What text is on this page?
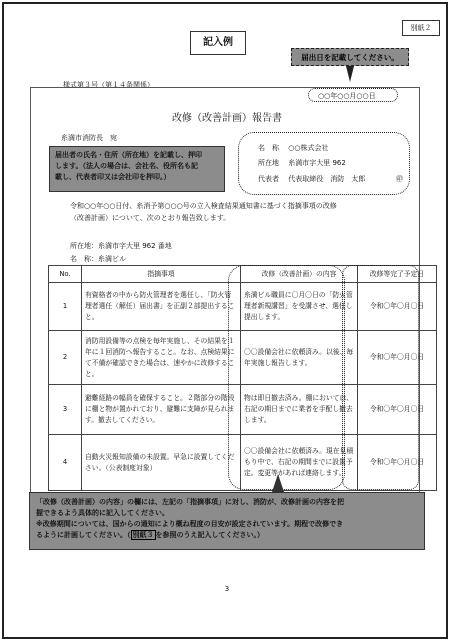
別紙２
記入例
届出日を記載してください。
様式第３号（第１４条関係）
○○年○○月○○日
改修（改善計画）報告書
糸満市消防長　宛
届出者の氏名・住所（所在地）を記載し、押印
します。（法人の場合は、会社名、役所名も記
載し、代表者印又は会社印を押印。）
名　称 ○○株式会社
所在地 糸満市字大里 962
代表者 代表取締役　消防　太郎	㊞
令和○○年○○日付、糸消予第○○○号の立入検査結果通知書に基づく指摘事項の改修
（改善計画）について、次のとおり報告致します。
所在地：糸満市字大里 962 番地
名　称：糸満ビル
No.	指摘事項	改修（改善計画）の内容	改修等完了予定日
1	有資格者の中から防火管理者を選任し、「防火管理者選任（解任）届出書」を正副２部提出すること。	糸満ビル職員に〇月〇日の「防火管理者新規講習」を受講させ、選任し提出します。	令和〇年〇月〇日
2	消防用設備等の点検を毎年実施し、その結果を１年に１回消防へ報告すること。なお、点検結果にて不備が確認できた場合は、速やかに改修すること。	〇〇設備会社に依頼済み。以後、毎年実施し報告します。	令和〇年〇月〇日
3	避難経路の幅員を確保すること。２階部分の階段に棚と物が置かれており、避難に支障が見られます。撤去してください。	物は即日撤去済み。棚においては、右記の期日までに業者を手配し撤去します。	令和〇年〇月〇日
4	自動火災報知設備の未設置。早急に設置してください。（公表制度対象）	〇〇設備会社に依頼済み。現在見積もり中で、右記の期間までに設置予定。変更等があれば連絡します。	令和〇年〇月〇日
「改修（改善計画）の内容」の欄には、左記の「指摘事項」に対し、消防が、改修計画の内容を把
握できるよう具体的に記入してください。
※改修期間については、国からの通知により概ね程度の目安が設定されています。期程で改修でき
るように計画してください。（ 別紙３ を参照のうえ記入してください。）
3
